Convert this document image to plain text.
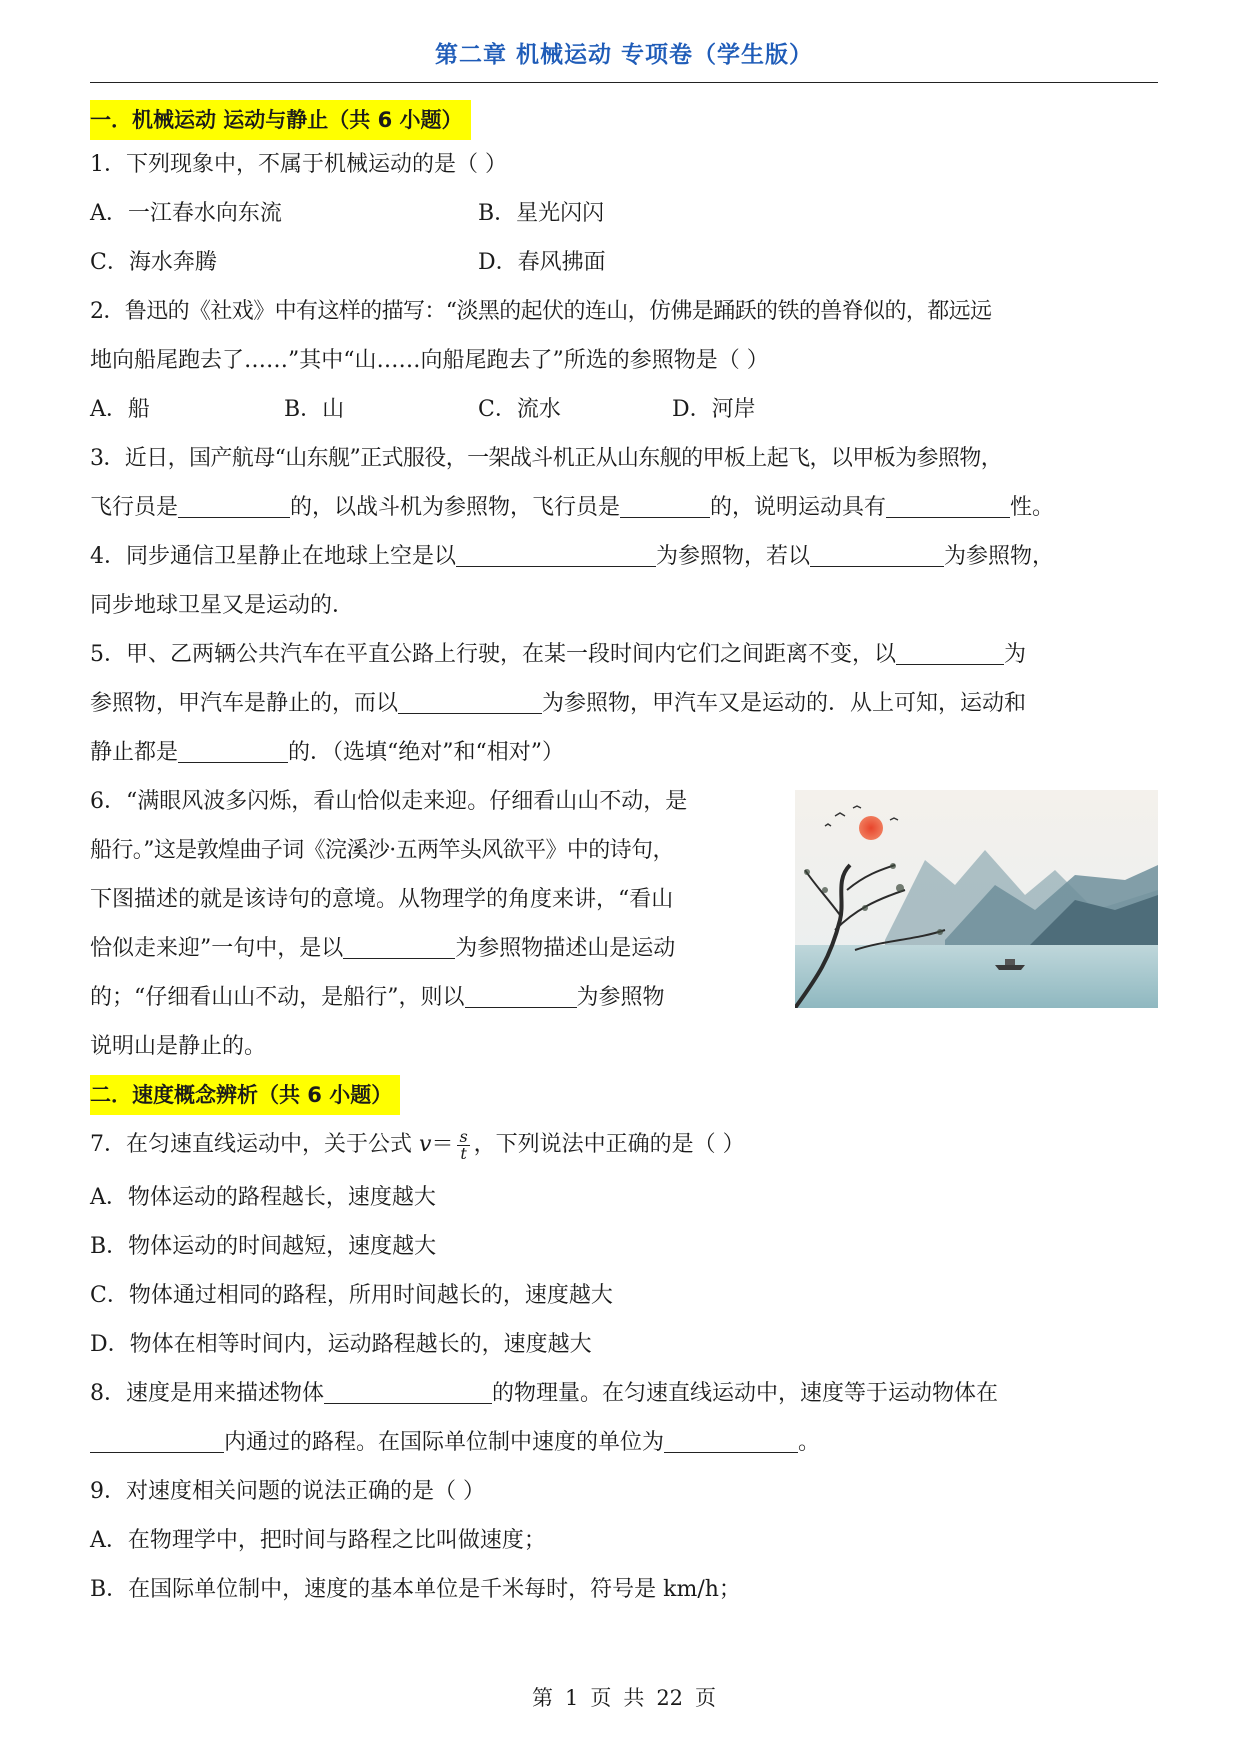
第二章 机械运动 专项卷（学生版）
一．机械运动 运动与静止（共 6 小题）
1．下列现象中，不属于机械运动的是（ ）
A．一江春水向东流	B．星光闪闪
C．海水奔腾	D．春风拂面
2．鲁迅的《社戏》中有这样的描写：“淡黑的起伏的连山，仿佛是踊跃的铁的兽脊似的，都远远
地向船尾跑去了……”其中“山……向船尾跑去了”所选的参照物是（ ）
A．船	B．山	C．流水	D．河岸
3．近日，国产航母“山东舰”正式服役，一架战斗机正从山东舰的甲板上起飞，以甲板为参照物，
飞行员是	的，以战斗机为参照物，飞行员是	的，说明运动具有	性。
4．同步通信卫星静止在地球上空是以	为参照物，若以	为参照物，
同步地球卫星又是运动的．
5．甲、乙两辆公共汽车在平直公路上行驶，在某一段时间内它们之间距离不变，以	为
参照物，甲汽车是静止的，而以	为参照物，甲汽车又是运动的．从上可知，运动和
静止都是	的．（选填“绝对”和“相对”）
6．“满眼风波多闪烁，看山恰似走来迎。仔细看山山不动，是
船行。”这是敦煌曲子词《浣溪沙·五两竿头风欲平》中的诗句，
下图描述的就是该诗句的意境。从物理学的角度来讲，“看山
恰似走来迎”一句中，是以	为参照物描述山是运动
的；“仔细看山山不动，是船行”，则以	为参照物
说明山是静止的。
二．速度概念辨析（共 6 小题）
7．在匀速直线运动中，关于公式 $v= \frac{s}{t}$ ，下列说法中正确的是（ ）
A．物体运动的路程越长，速度越大
B．物体运动的时间越短，速度越大
C．物体通过相同的路程，所用时间越长的，速度越大
D．物体在相等时间内，运动路程越长的，速度越大
8．速度是用来描述物体	的物理量。在匀速直线运动中，速度等于运动物体在
内通过的路程。在国际单位制中速度的单位为	。
9．对速度相关问题的说法正确的是（ ）
A．在物理学中，把时间与路程之比叫做速度；
B．在国际单位制中，速度的基本单位是千米每时，符号是 km/h；
第 1 页 共 22 页
